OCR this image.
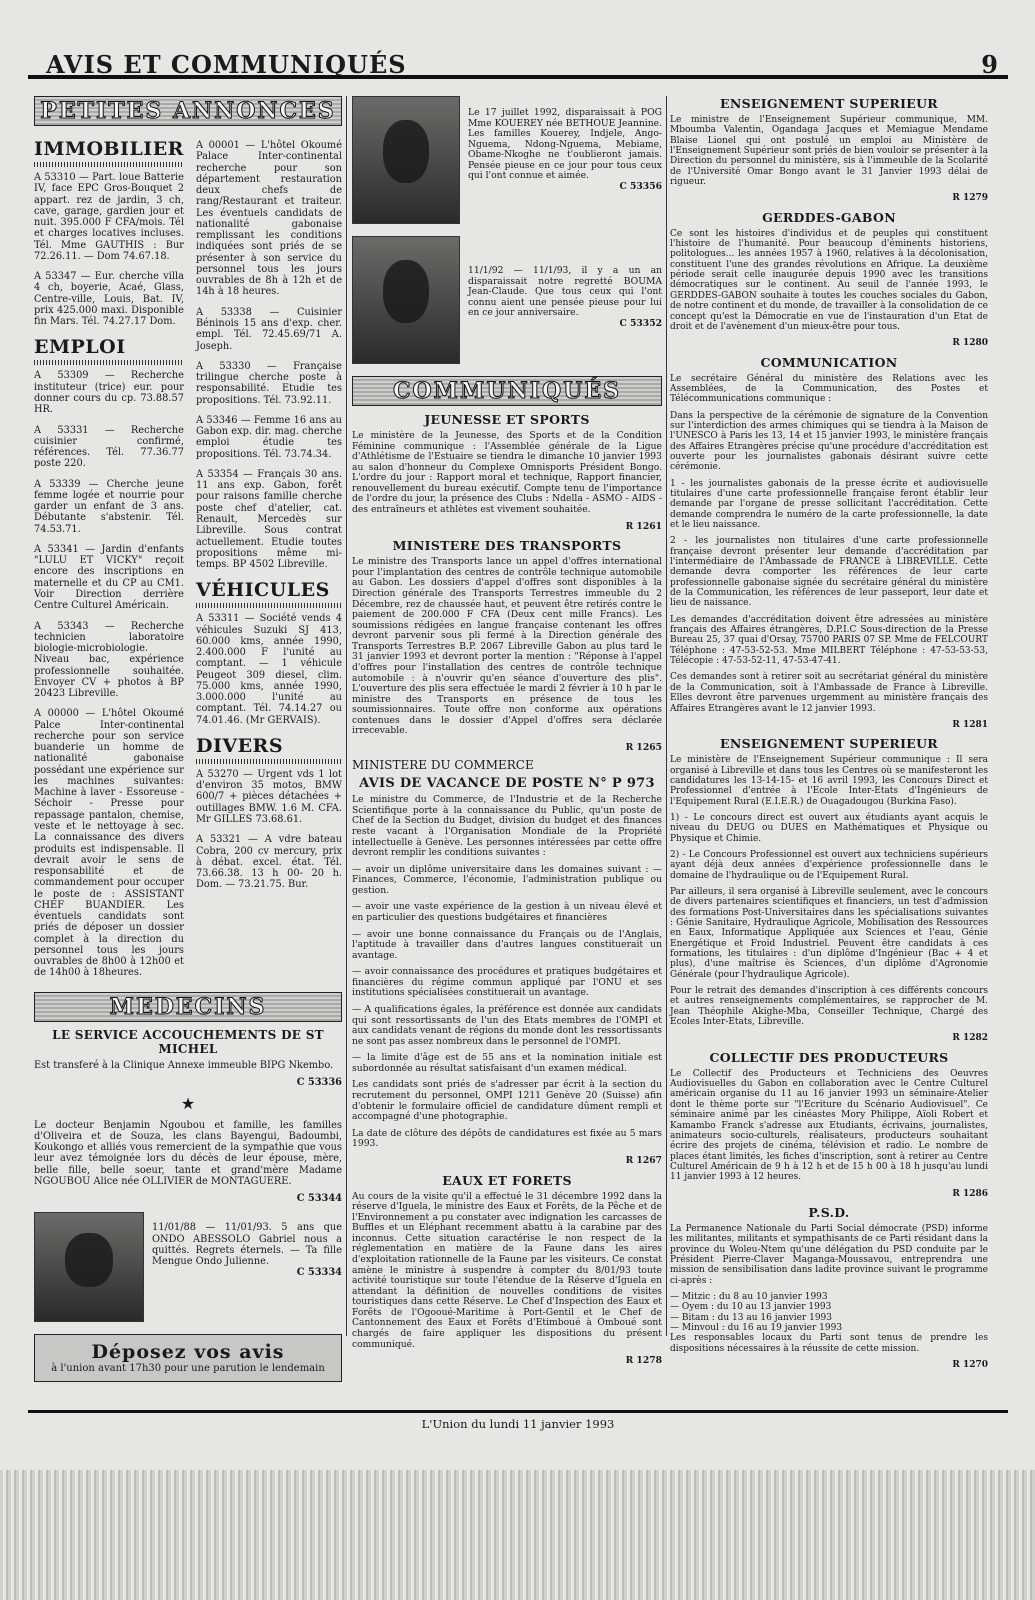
AVIS ET COMMUNIQUÉS	9
PETITES ANNONCES
IMMOBILIER
A 53310 — Part. loue Batterie IV, face EPC Gros-Bouquet 2 appart. rez de jardin, 3 ch, cave, garage, gardien jour et nuit. 395.000 F CFA/mois. Tél et charges locatives incluses. Tél. Mme GAUTHIS : Bur 72.26.11. — Dom 74.67.18.
A 53347 — Eur. cherche villa 4 ch, boyerie, Acaé, Glass, Centre-ville, Louis, Bat. IV, prix 425.000 maxi. Disponible fin Mars. Tél. 74.27.17 Dom.
EMPLOI
A 53309 — Recherche instituteur (trice) eur. pour donner cours du cp. 73.88.57 HR.
A 53331 — Recherche cuisinier confirmé, références. Tél. 77.36.77 poste 220.
A 53339 — Cherche jeune femme logée et nourrie pour garder un enfant de 3 ans. Débutante s'abstenir. Tél. 74.53.71.
A 53341 — Jardin d'enfants "LULU ET VICKY" reçoit encore des inscriptions en maternelle et du CP au CM1. Voir Direction derrière Centre Culturel Américain.
A 53343 — Recherche technicien laboratoire biologie-microbiologie. Niveau bac, expérience professionnelle souhaitée. Envoyer CV + photos à BP 20423 Libreville.
A 00000 — L'hôtel Okoumé Palce Inter-continental recherche pour son service buanderie un homme de nationalité gabonaise possédant une expérience sur les machines suivantes: Machine à laver - Essoreuse - Séchoir - Presse pour repassage pantalon, chemise, veste et le nettoyage à sec. La connaissance des divers produits est indispensable. Il devrait avoir le sens de responsabilité et de commandement pour occuper le poste de : ASSISTANT CHEF BUANDIER. Les éventuels candidats sont priés de déposer un dossier complet à la direction du personnel tous les jours ouvrables de 8h00 à 12h00 et de 14h00 à 18heures.
A 00001 — L'hôtel Okoumé Palace Inter-continental recherche pour son département restauration deux chefs de rang/Restaurant et traiteur. Les éventuels candidats de nationalité gabonaise remplissant les conditions indiquées sont priés de se présenter à son service du personnel tous les jours ouvrables de 8h à 12h et de 14h à 18 heures.
A 53338 — Cuisinier Béninois 15 ans d'exp. cher. empl. Tél. 72.45.69/71 A. Joseph.
A 53330 — Française trilingue cherche poste à responsabilité. Etudie tes propositions. Tél. 73.92.11.
A 53346 — Femme 16 ans au Gabon exp. dir. mag. cherche emploi étudie tes propositions. Tél. 73.74.34.
A 53354 — Français 30 ans. 11 ans exp. Gabon, forêt pour raisons famille cherche poste chef d'atelier, cat. Renault, Mercedès sur Libreville. Sous contrat actuellement. Etudie toutes propositions même mi-temps. BP 4502 Libreville.
VÉHICULES
A 53311 — Société vends 4 véhicules Suzuki SJ 413, 60.000 kms, année 1990, 2.400.000 F l'unité au comptant. — 1 véhicule Peugeot 309 diesel, clim. 75.000 kms, année 1990, 3.000.000 l'unité au comptant. Tél. 74.14.27 ou 74.01.46. (Mr GERVAIS).
DIVERS
A 53270 — Urgent vds 1 lot d'environ 35 motos, BMW 600/7 + pièces détachées + outillages BMW. 1.6 M. CFA. Mr GILLES 73.68.61.
A 53321 — A vdre bateau Cobra, 200 cv mercury, prix à débat. excel. état. Tél. 73.66.38. 13 h 00- 20 h. Dom. — 73.21.75. Bur.
MEDECINS
LE SERVICE ACCOUCHEMENTS DE ST MICHEL
Est transferé à la Clinique Annexe immeuble BIPG Nkembo.
C 53336
★
Le docteur Benjamin Ngoubou et famille, les familles d'Oliveira et de Souza, les clans Bayengui, Badoumbi, Koukongo et alliés vous remercient de la sympathie que vous leur avez témoignée lors du décès de leur épouse, mère, belle fille, belle soeur, tante et grand'mère Madame NGOUBOU Alice née OLLIVIER de MONTAGUERE.
C 53344
11/01/88 — 11/01/93. 5 ans que ONDO ABESSOLO Gabriel nous a quittés. Regrets éternels. — Ta fille Mengue Ondo Julienne.
C 53334
Déposez vos avis
à l'union avant 17h30 pour une parution le lendemain
Le 17 juillet 1992, disparaissait à POG Mme KOUEREY née BETHOUE Jeannine. Les familles Kouerey, Indjele, Ango-Nguema, Ndong-Nguema, Mebiame, Obame-Nkoghe ne t'oublieront jamais. Pensée pieuse en ce jour pour tous ceux qui l'ont connue et aimée.
C 53356
11/1/92 — 11/1/93, il y a un an disparaissait notre regretté BOUMA Jean-Claude. Que tous ceux qui l'ont connu aient une pensée pieuse pour lui en ce jour anniversaire.
C 53352
COMMUNIQUÉS
JEUNESSE ET SPORTS
Le ministère de la Jeunesse, des Sports et de la Condition Féminine communique : l'Assemblée générale de la Ligue d'Athlétisme de l'Estuaire se tiendra le dimanche 10 janvier 1993 au salon d'honneur du Complexe Omnisports Président Bongo. L'ordre du jour : Rapport moral et technique, Rapport financier, renouvellement du bureau exécutif. Compte tenu de l'importance de l'ordre du jour, la présence des Clubs : Ndella - ASMO - AIDS - des entraîneurs et athlètes est vivement souhaitée.
R 1261
MINISTERE DES TRANSPORTS
Le ministre des Transports lance un appel d'offres international pour l'implantation des centres de contrôle technique automobile au Gabon. Les dossiers d'appel d'offres sont disponibles à la Direction générale des Transports Terrestres immeuble du 2 Décembre, rez de chaussée haut, et peuvent être retirés contre le paiement de 200.000 F CFA (Deux cent mille Francs). Les soumissions rédigées en langue française contenant les offres devront parvenir sous pli fermé à la Direction générale des Transports Terrestres B.P. 2067 Libreville Gabon au plus tard le 31 janvier 1993 et devront porter la mention : "Réponse à l'appel d'offres pour l'installation des centres de contrôle technique automobile : à n'ouvrir qu'en séance d'ouverture des plis". L'ouverture des plis sera effectuée le mardi 2 février à 10 h par le ministre des Transports en présence de tous les soumissionnaires. Toute offre non conforme aux opérations contenues dans le dossier d'Appel d'offres sera déclarée irrecevable.
R 1265
MINISTERE DU COMMERCE
AVIS DE VACANCE DE POSTE N° P 973
Le ministre du Commerce, de l'Industrie et de la Recherche Scientifique porte à la connaissance du Public, qu'un poste de Chef de la Section du Budget, division du budget et des finances reste vacant à l'Organisation Mondiale de la Propriété intellectuelle à Genève. Les personnes intéressées par cette offre devront remplir les conditions suivantes :
— avoir un diplôme universitaire dans les domaines suivant : — Finances, Commerce, l'économie, l'administration publique ou gestion.
— avoir une vaste expérience de la gestion à un niveau élevé et en particulier des questions budgétaires et financières
— avoir une bonne connaissance du Français ou de l'Anglais, l'aptitude à travailler dans d'autres langues constituerait un avantage.
— avoir connaissance des procédures et pratiques budgétaires et financières du régime commun appliqué par l'ONU et ses institutions spécialisées constituerait un avantage.
— A qualifications égales, la préférence est donnée aux candidats qui sont ressortissants de l'un des Etats membres de l'OMPI et aux candidats venant de régions du monde dont les ressortissants ne sont pas assez nombreux dans le personnel de l'OMPI.
— la limite d'âge est de 55 ans et la nomination initiale est subordonnée au résultat satisfaisant d'un examen médical.
Les candidats sont priés de s'adresser par écrit à la section du recrutement du personnel, OMPI 1211 Genève 20 (Suisse) afin d'obtenir le formulaire officiel de candidature dûment rempli et accompagné d'une photographie.
La date de clôture des dépôts de candidatures est fixée au 5 mars 1993.
R 1267
EAUX ET FORETS
Au cours de la visite qu'il a effectué le 31 décembre 1992 dans la réserve d'Iguela, le ministre des Eaux et Forêts, de la Pêche et de l'Environnement a pu constater avec indignation les carcasses de Buffles et un Eléphant recemment abattu à la carabine par des inconnus. Cette situation caractérise le non respect de la réglementation en matière de la Faune dans les aires d'exploitation rationnelle de la Faune par les visiteurs. Ce constat amène le ministre à suspendre à compter du 8/01/93 toute activité touristique sur toute l'étendue de la Réserve d'Iguela en attendant la définition de nouvelles conditions de visites touristiques dans cette Réserve. Le Chef d'Inspection des Eaux et Forêts de l'Ogooué-Maritime à Port-Gentil et le Chef de Cantonnement des Eaux et Forêts d'Etimboué à Omboué sont chargés de faire appliquer les dispositions du présent communiqué.
R 1278
ENSEIGNEMENT SUPERIEUR
Le ministre de l'Enseignement Supérieur communique, MM. Mboumba Valentin, Ogandaga Jacques et Memiague Mendame Blaise Lionel qui ont postulé un emploi au Ministère de l'Enseignement Supérieur sont priés de bien vouloir se présenter à la Direction du personnel du ministère, sis à l'immeuble de la Scolarité de l'Université Omar Bongo avant le 31 Janvier 1993 délai de rigueur.
R 1279
GERDDES-GABON
Ce sont les histoires d'individus et de peuples qui constituent l'histoire de l'humanité. Pour beaucoup d'éminents historiens, politologues... les années 1957 à 1960, relatives à la décolonisation, constituent l'une des grandes révolutions en Afrique. La deuxième période serait celle inaugurée depuis 1990 avec les transitions démocratiques sur le continent. Au seuil de l'année 1993, le GERDDES-GABON souhaite à toutes les couches sociales du Gabon, de notre continent et du monde, de travailler à la consolidation de ce concept qu'est la Démocratie en vue de l'instauration d'un Etat de droit et de l'avènement d'un mieux-être pour tous.
R 1280
COMMUNICATION
Le secrétaire Général du ministère des Relations avec les Assemblées, de la Communication, des Postes et Télécommunications communique :
Dans la perspective de la cérémonie de signature de la Convention sur l'interdiction des armes chimiques qui se tiendra à la Maison de l'UNESCO à Paris les 13, 14 et 15 janvier 1993, le ministère français des Affaires Etrangères précise qu'une procédure d'accréditation est ouverte pour les journalistes gabonais désirant suivre cette cérémonie.
1 - les journalistes gabonais de la presse écrite et audiovisuelle titulaires d'une carte professionnelle française feront établir leur demande par l'organe de presse sollicitant l'accréditation. Cette demande comprendra le numéro de la carte professionnelle, la date et le lieu naissance.
2 - les journalistes non titulaires d'une carte professionnelle française devront présenter leur demande d'accréditation par l'intermédiaire de l'Ambassade de FRANCE à LIBREVILLE. Cette demande devra comporter les références de leur carte professionnelle gabonaise signée du secrétaire général du ministère de la Communication, les références de leur passeport, leur date et lieu de naissance.
Les demandes d'accréditation doivent être adressées au ministère français des Affaires étrangères, D.P.I.C Sous-direction de la Presse Bureau 25, 37 quai d'Orsay, 75700 PARIS 07 SP. Mme de FELCOURT Téléphone : 47-53-52-53. Mme MILBERT Téléphone : 47-53-53-53, Télécopie : 47-53-52-11, 47-53-47-41.
Ces demandes sont à retirer soit au secrétariat général du ministère de la Communication, soit à l'Ambassade de France à Libreville. Elles devront être parvenues urgemment au ministère français des Affaires Etrangères avant le 12 janvier 1993.
R 1281
ENSEIGNEMENT SUPERIEUR
Le ministère de l'Enseignement Supérieur communique : Il sera organisé à Libreville et dans tous les Centres où se manifesteront les candidatures les 13-14-15- et 16 avril 1993, les Concours Direct et Professionnel d'entrée à l'Ecole Inter-Etats d'Ingénieurs de l'Equipement Rural (E.I.E.R.) de Ouagadougou (Burkina Faso).
1) - Le concours direct est ouvert aux étudiants ayant acquis le niveau du DEUG ou DUES en Mathématiques et Physique ou Physique et Chimie.
2) - Le Concours Professionnel est ouvert aux techniciens supérieurs ayant déjà deux années d'expérience professionnelle dans le domaine de l'hydraulique ou de l'Equipement Rural.
Par ailleurs, il sera organisé à Libreville seulement, avec le concours de divers partenaires scientifiques et financiers, un test d'admission des formations Post-Universitaires dans les spécialisations suivantes : Génie Sanitaire, Hydraulique Agricole, Mobilisation des Ressources en Eaux, Informatique Appliquée aux Sciences et l'eau, Génie Energétique et Froid Industriel. Peuvent être candidats à ces formations, les titulaires : d'un diplôme d'Ingénieur (Bac + 4 et plus), d'une maîtrise ès Sciences, d'un diplôme d'Agronomie Générale (pour l'hydraulique Agricole).
Pour le retrait des demandes d'inscription à ces différents concours et autres renseignements complémentaires, se rapprocher de M. Jean Théophile Akighe-Mba, Conseiller Technique, Chargé des Ecoles Inter-Etats, Libreville.
R 1282
COLLECTIF DES PRODUCTEURS
Le Collectif des Producteurs et Techniciens des Oeuvres Audiovisuelles du Gabon en collaboration avec le Centre Culturel américain organise du 11 au 16 janvier 1993 un séminaire-Atelier dont le thème porte sur "l'Ecriture du Scénario Audiovisuel". Ce séminaire animé par les cinéastes Mory Philippe, Aïoli Robert et Kamambo Franck s'adresse aux Etudiants, écrivains, journalistes, animateurs socio-culturels, réalisateurs, producteurs souhaitant écrire des projets de cinéma, télévision et radio. Le nombre de places étant limités, les fiches d'inscription, sont à retirer au Centre Culturel Américain de 9 h à 12 h et de 15 h 00 à 18 h jusqu'au lundi 11 janvier 1993 à 12 heures.
R 1286
P.S.D.
La Permanence Nationale du Parti Social démocrate (PSD) informe les militantes, militants et sympathisants de ce Parti résidant dans la province du Woleu-Ntem qu'une délégation du PSD conduite par le Président Pierre-Claver Maganga-Moussavou, entreprendra une mission de sensibilisation dans ladite province suivant le programme ci-après :
— Mitzic : du 8 au 10 janvier 1993
— Oyem : du 10 au 13 janvier 1993
— Bitam : du 13 au 16 janvier 1993
— Minvoul : du 16 au 19 janvier 1993
Les responsables locaux du Parti sont tenus de prendre les dispositions nécessaires à la réussite de cette mission.
R 1270
L'Union du lundi 11 janvier 1993
